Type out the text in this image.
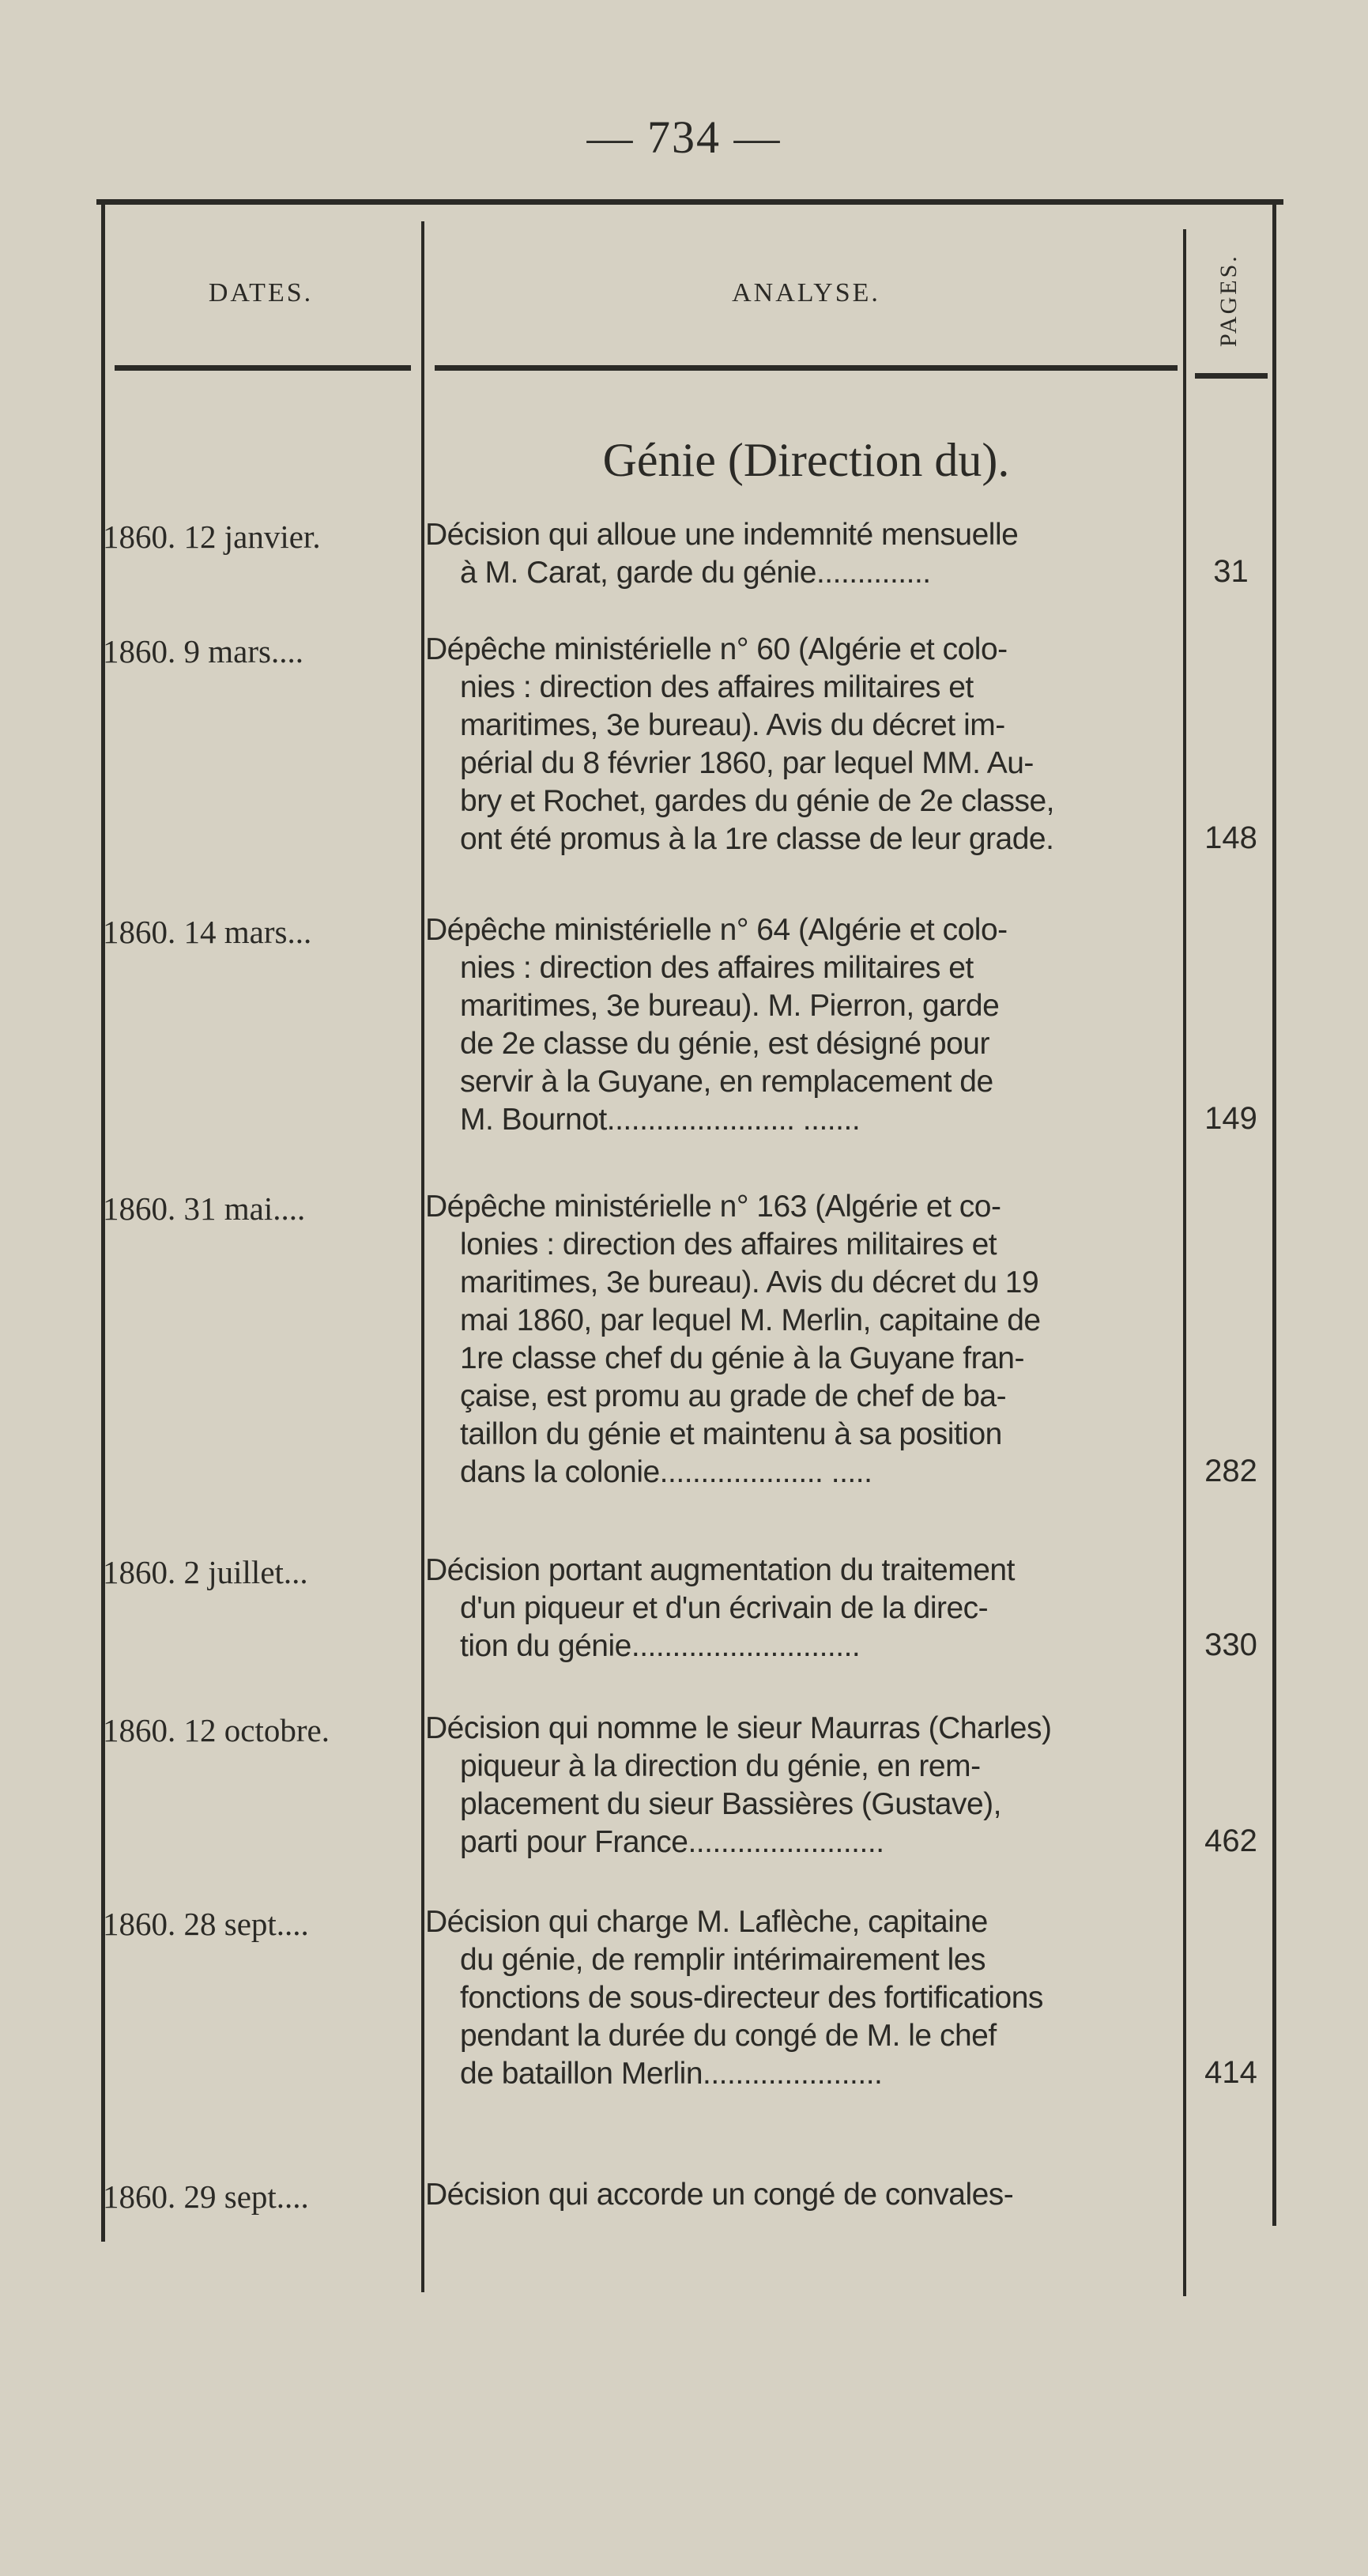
— 734 —
DATES.	ANALYSE.	PAGES.
Génie (Direction du).
1860. 12 janvier.	Décision qui alloue une indemnité mensuelle
à M. Carat, garde du génie..............	31
1860. 9 mars....	Dépêche ministérielle n° 60 (Algérie et colo-
nies : direction des affaires militaires et
maritimes, 3e bureau). Avis du décret im-
périal du 8 février 1860, par lequel MM. Au-
bry et Rochet, gardes du génie de 2e classe,
ont été promus à la 1re classe de leur grade.	148
1860. 14 mars...	Dépêche ministérielle n° 64 (Algérie et colo-
nies : direction des affaires militaires et
maritimes, 3e bureau). M. Pierron, garde
de 2e classe du génie, est désigné pour
servir à la Guyane, en remplacement de
M. Bournot....................... .......	149
1860. 31 mai....	Dépêche ministérielle n° 163 (Algérie et co-
lonies : direction des affaires militaires et
maritimes, 3e bureau). Avis du décret du 19
mai 1860, par lequel M. Merlin, capitaine de
1re classe chef du génie à la Guyane fran-
çaise, est promu au grade de chef de ba-
taillon du génie et maintenu à sa position
dans la colonie.................... .....	282
1860. 2 juillet...	Décision portant augmentation du traitement
d'un piqueur et d'un écrivain de la direc-
tion du génie............................	330
1860. 12 octobre.	Décision qui nomme le sieur Maurras (Charles)
piqueur à la direction du génie, en rem-
placement du sieur Bassières (Gustave),
parti pour France........................	462
1860. 28 sept....	Décision qui charge M. Laflèche, capitaine
du génie, de remplir intérimairement les
fonctions de sous-directeur des fortifications
pendant la durée du congé de M. le chef
de bataillon Merlin......................	414
1860. 29 sept....	Décision qui accorde un congé de convales-
